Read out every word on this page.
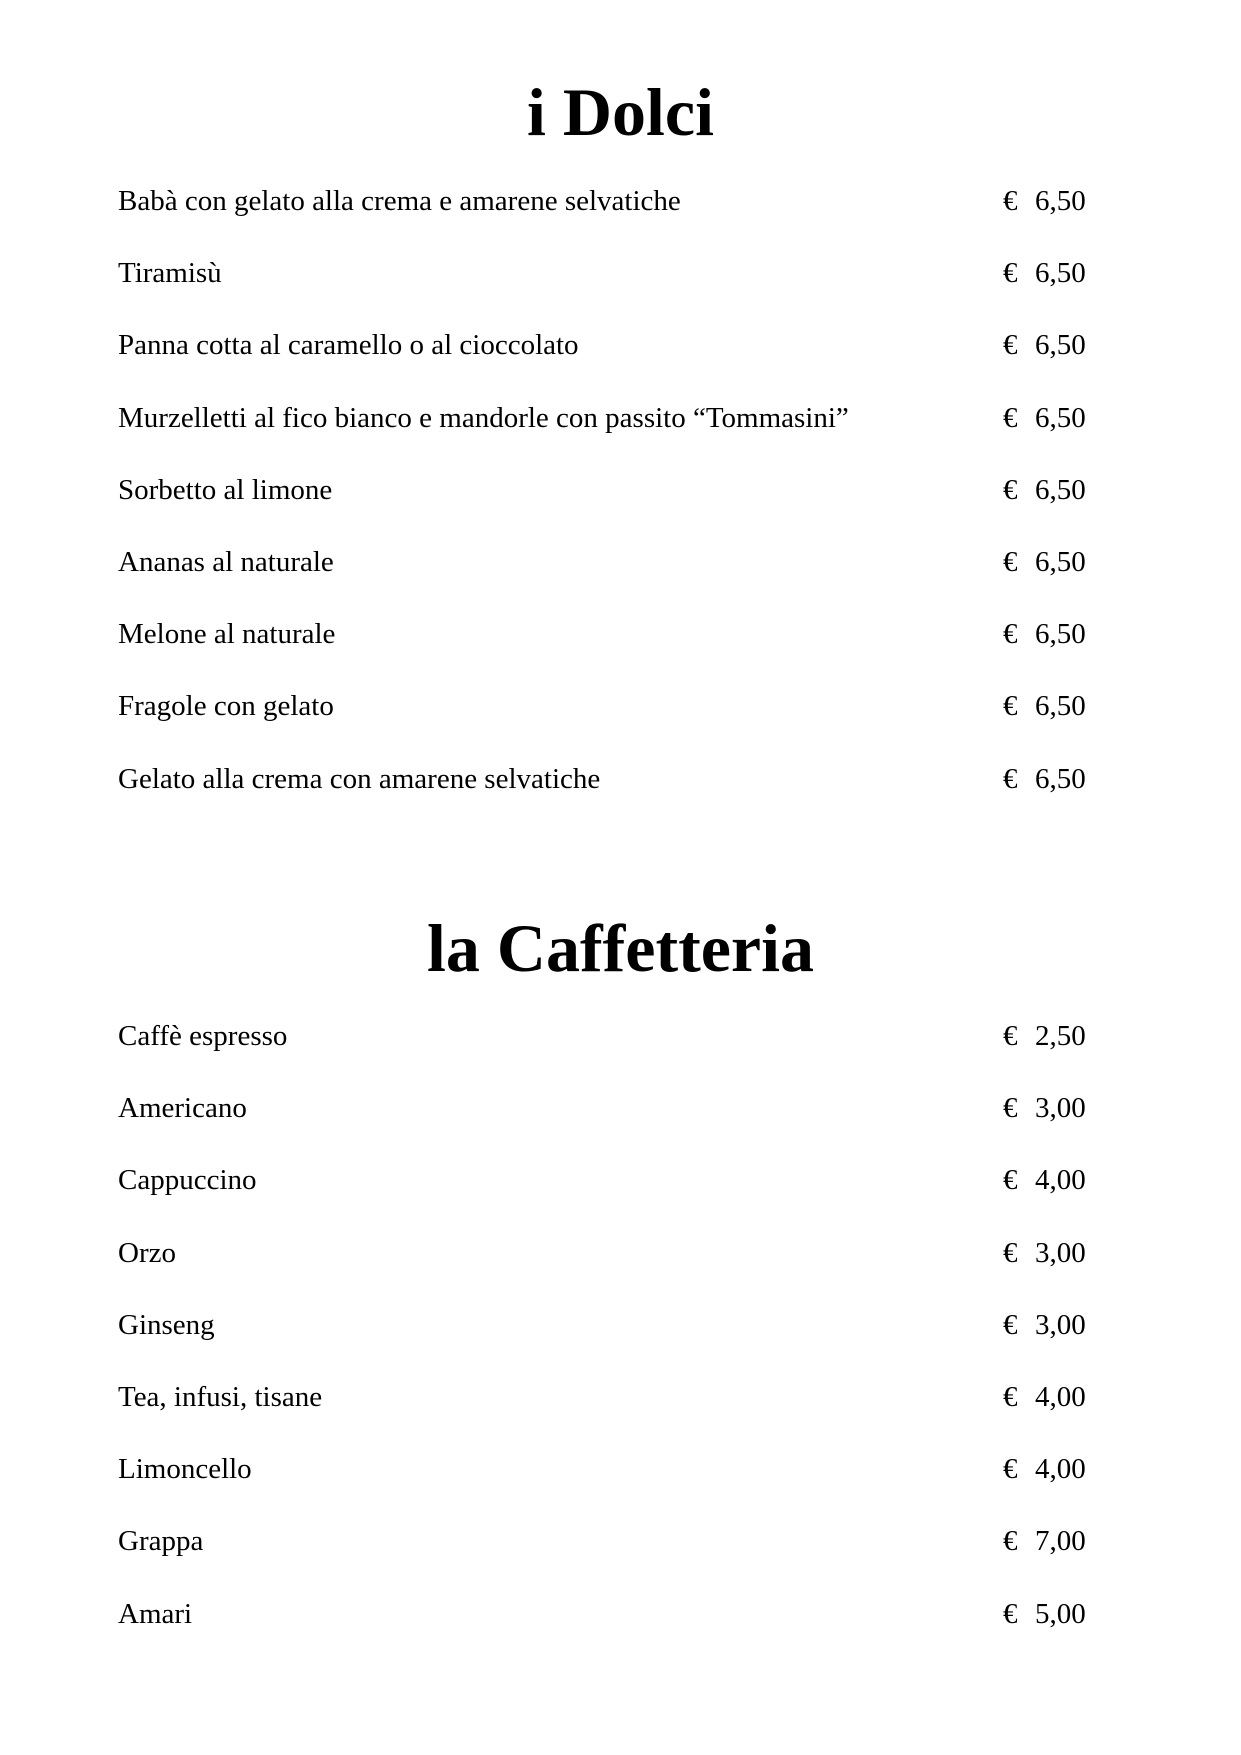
i Dolci
Babà con gelato alla crema e amarene selvatiche	€ 6,50
Tiramisù	€ 6,50
Panna cotta al caramello o al cioccolato	€ 6,50
Murzelletti al fico bianco e mandorle con passito “Tommasini”	€ 6,50
Sorbetto al limone	€ 6,50
Ananas al naturale	€ 6,50
Melone al naturale	€ 6,50
Fragole con gelato	€ 6,50
Gelato alla crema con amarene selvatiche	€ 6,50
la Caffetteria
Caffè espresso	€ 2,50
Americano	€ 3,00
Cappuccino	€ 4,00
Orzo	€ 3,00
Ginseng	€ 3,00
Tea, infusi, tisane	€ 4,00
Limoncello	€ 4,00
Grappa	€ 7,00
Amari	€ 5,00
